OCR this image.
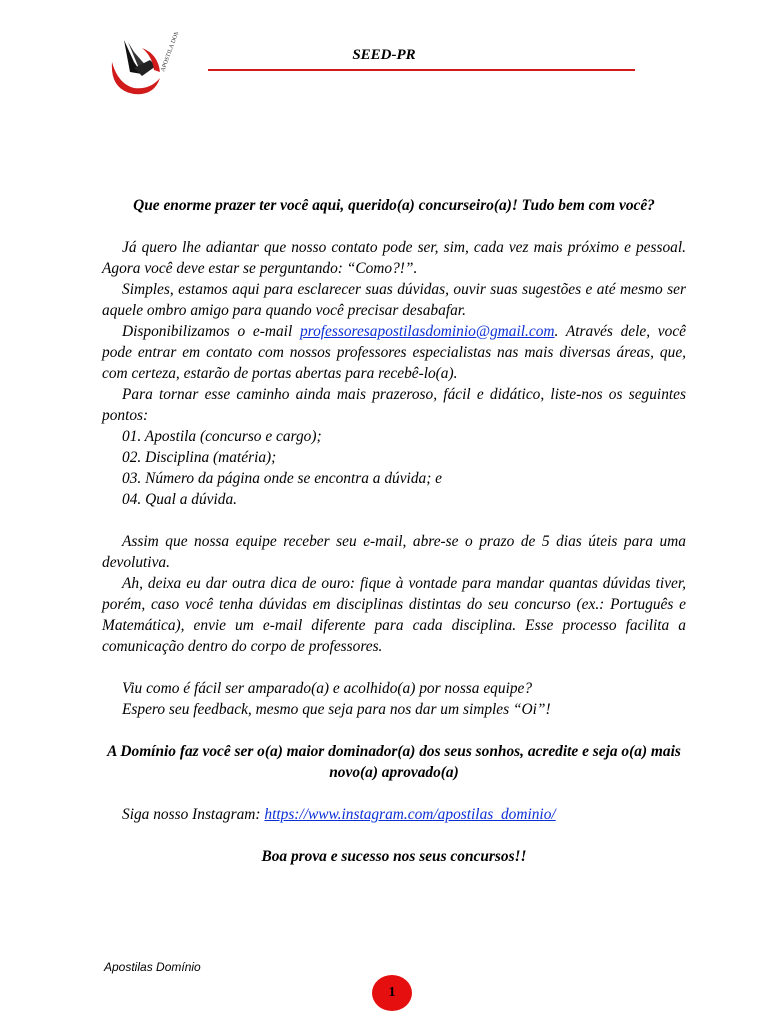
APOSTILA DOMÍNIO	SEED-PR

Que enorme prazer ter você aqui, querido(a) concurseiro(a)! Tudo bem com você?

Já quero lhe adiantar que nosso contato pode ser, sim, cada vez mais próximo e pessoal. Agora você deve estar se perguntando: “Como?!”.

Simples, estamos aqui para esclarecer suas dúvidas, ouvir suas sugestões e até mesmo ser aquele ombro amigo para quando você precisar desabafar.

Disponibilizamos o e-mail professoresapostilasdominio@gmail.com. Através dele, você pode entrar em contato com nossos professores especialistas nas mais diversas áreas, que, com certeza, estarão de portas abertas para recebê-lo(a).

Para tornar esse caminho ainda mais prazeroso, fácil e didático, liste-nos os seguintes pontos:

01. Apostila (concurso e cargo);

02. Disciplina (matéria);

03. Número da página onde se encontra a dúvida; e

04. Qual a dúvida.

Assim que nossa equipe receber seu e-mail, abre-se o prazo de 5 dias úteis para uma devolutiva.

Ah, deixa eu dar outra dica de ouro: fique à vontade para mandar quantas dúvidas tiver, porém, caso você tenha dúvidas em disciplinas distintas do seu concurso (ex.: Português e Matemática), envie um e-mail diferente para cada disciplina. Esse processo facilita a comunicação dentro do corpo de professores.

Viu como é fácil ser amparado(a) e acolhido(a) por nossa equipe?

Espero seu feedback, mesmo que seja para nos dar um simples “Oi”!

A Domínio faz você ser o(a) maior dominador(a) dos seus sonhos, acredite e seja o(a) mais novo(a) aprovado(a)

Siga nosso Instagram: https://www.instagram.com/apostilas_dominio/

Boa prova e sucesso nos seus concursos!!

Apostilas Domínio
1
